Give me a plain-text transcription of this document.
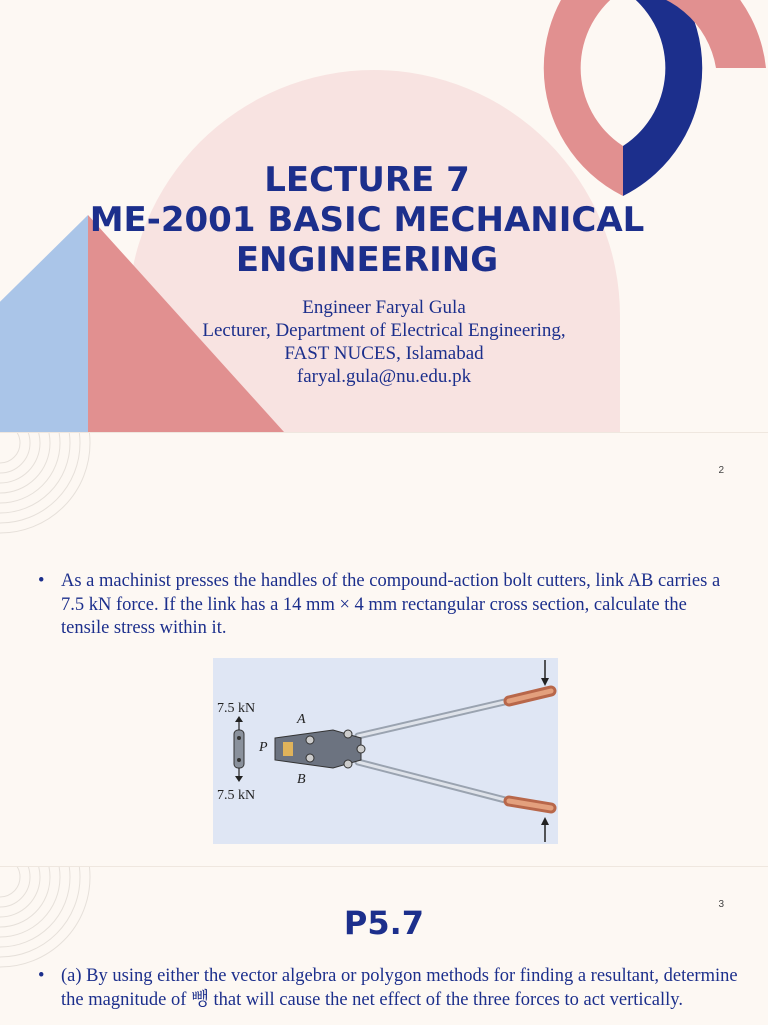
LECTURE 7
ME-2001 BASIC MECHANICAL
ENGINEERING
Engineer Faryal Gula
Lecturer, Department of Electrical Engineering,
FAST NUCES, Islamabad
faryal.gula@nu.edu.pk
2
• As a machinist presses the handles of the compound-action bolt cutters, link AB carries a 7.5 kN force. If the link has a 14 mm × 4 mm rectangular cross section, calculate the tensile stress within it.
7.5 kN
7.5 kN
A
B
P
3
P5.7
• (a) By using either the vector algebra or polygon methods for finding a resultant, determine the magnitude of 뺑 that will cause the net effect of the three forces to act vertically.
